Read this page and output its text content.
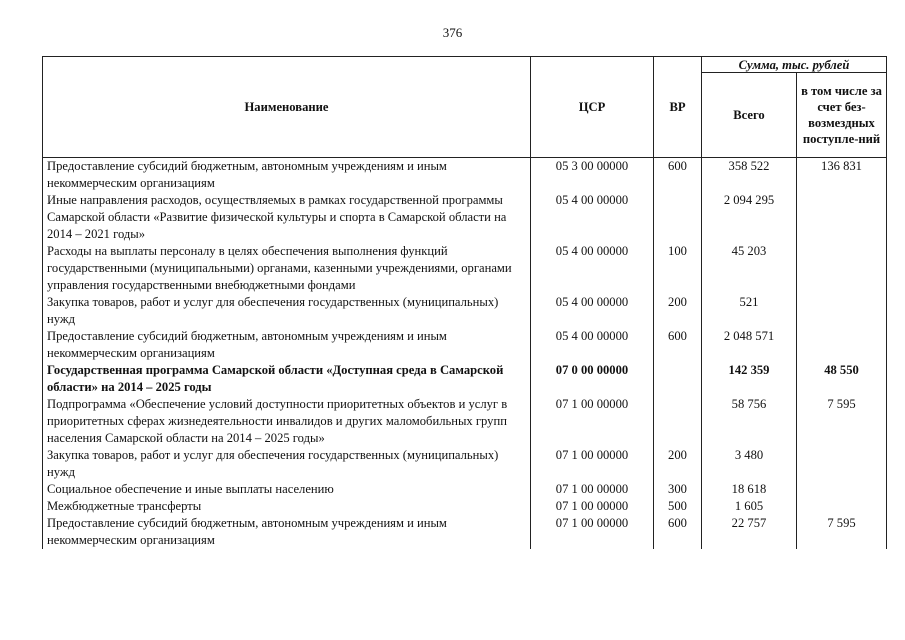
376
Наименование	ЦСР	ВР	Сумма, тыс. рублей	
			Всего	в том числе за счет без-возмездных поступле-ний
Предоставление субсидий бюджетным, автономным учреждениям и иным некоммерческим организациям	05 3 00 00000	600	358 522	136 831
Иные направления расходов, осуществляемых в рамках государственной программы Самарской области «Развитие физической культуры и спорта в Самарской области на 2014 – 2021 годы»	05 4 00 00000		2 094 295	
Расходы на выплаты персоналу в целях обеспечения выполнения функций государственными (муниципальными) органами, казенными учреждениями, органами управления государственными внебюджетными фондами	05 4 00 00000	100	45 203	
Закупка товаров, работ и услуг для обеспечения государственных (муниципальных) нужд	05 4 00 00000	200	521	
Предоставление субсидий бюджетным, автономным учреждениям и иным некоммерческим организациям	05 4 00 00000	600	2 048 571	
Государственная программа Самарской области «Доступная среда в Самарской области» на 2014 – 2025 годы	07 0 00 00000		142 359	48 550
Подпрограмма «Обеспечение условий доступности приоритетных объектов и услуг в приоритетных сферах жизнедеятельности инвалидов и других маломобильных групп населения Самарской области на 2014 – 2025 годы»	07 1 00 00000		58 756	7 595
Закупка товаров, работ и услуг для обеспечения государственных (муниципальных) нужд	07 1 00 00000	200	3 480	
Социальное обеспечение и иные выплаты населению	07 1 00 00000	300	18 618	
Межбюджетные трансферты	07 1 00 00000	500	1 605	
Предоставление субсидий бюджетным, автономным учреждениям и иным некоммерческим организациям	07 1 00 00000	600	22 757	7 595
